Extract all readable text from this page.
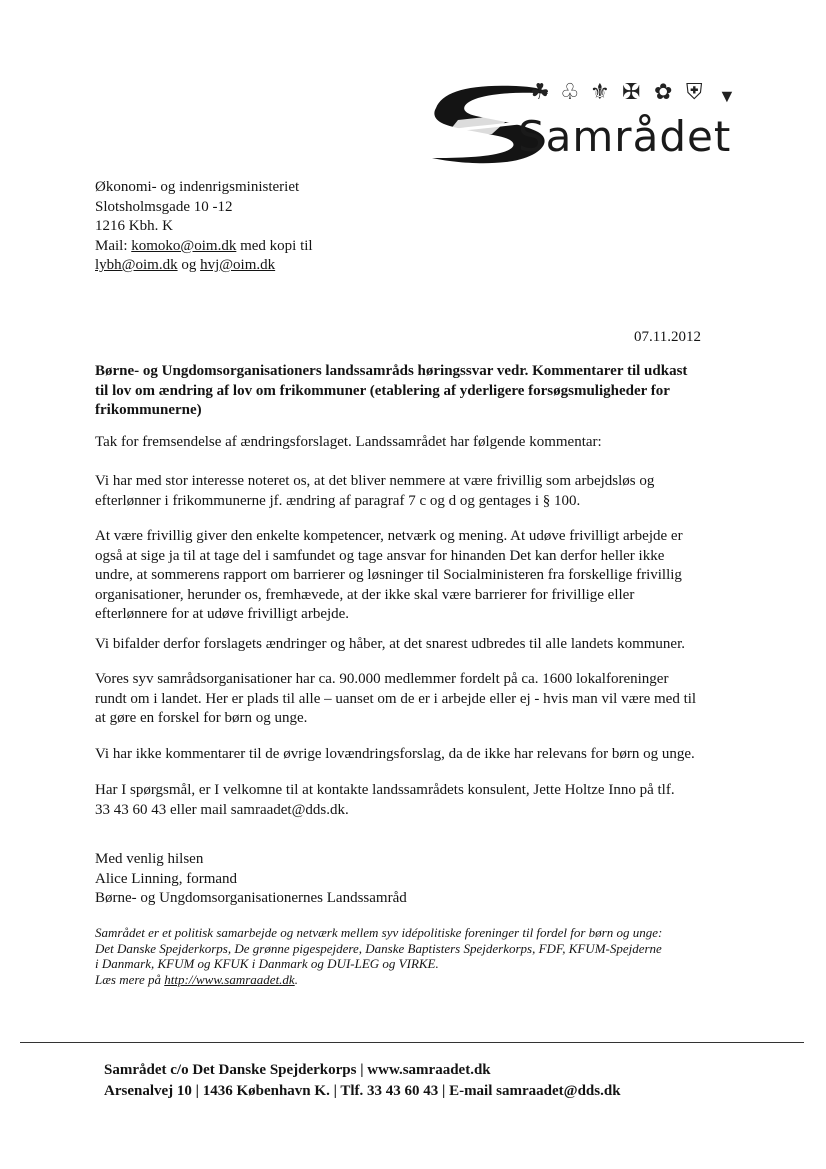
☘ ♧ ⚜ ✠ ✿ ⛨ ▼
Samrådet
Økonomi- og indenrigsministeriet
Slotsholmsgade 10 -12
1216 Kbh. K
Mail: komoko@oim.dk med kopi til
lybh@oim.dk og hvj@oim.dk
07.11.2012
Børne- og Ungdomsorganisationers landssamråds høringssvar vedr. Kommentarer til udkast
til lov om ændring af lov om frikommuner (etablering af yderligere forsøgsmuligheder for
frikommunerne)
Tak for fremsendelse af ændringsforslaget. Landssamrådet har følgende kommentar:
Vi har med stor interesse noteret os, at det bliver nemmere at være frivillig som arbejdsløs og
efterlønner i frikommunerne jf. ændring af paragraf 7 c og d og gentages i § 100.
At være frivillig giver den enkelte kompetencer, netværk og mening. At udøve frivilligt arbejde er
også at sige ja til at tage del i samfundet og tage ansvar for hinanden Det kan derfor heller ikke
undre, at sommerens rapport om barrierer og løsninger til Socialministeren fra forskellige frivillig
organisationer, herunder os, fremhævede, at der ikke skal være barrierer for frivillige eller
efterlønnere for at udøve frivilligt arbejde.
Vi bifalder derfor forslagets ændringer og håber, at det snarest udbredes til alle landets kommuner.
Vores syv samrådsorganisationer har ca. 90.000 medlemmer fordelt på ca. 1600 lokalforeninger
rundt om i landet. Her er plads til alle – uanset om de er i arbejde eller ej - hvis man vil være med til
at gøre en forskel for børn og unge.
Vi har ikke kommentarer til de øvrige lovændringsforslag, da de ikke har relevans for børn og unge.
Har I spørgsmål, er I velkomne til at kontakte landssamrådets konsulent, Jette Holtze Inno på tlf.
33 43 60 43 eller mail samraadet@dds.dk.
Med venlig hilsen
Alice Linning, formand
Børne- og Ungdomsorganisationernes Landssamråd
Samrådet er et politisk samarbejde og netværk mellem syv idépolitiske foreninger til fordel for børn og unge:
Det Danske Spejderkorps, De grønne pigespejdere, Danske Baptisters Spejderkorps, FDF, KFUM-Spejderne
i Danmark, KFUM og KFUK i Danmark og DUI-LEG og VIRKE.
Læs mere på http://www.samraadet.dk.
Samrådet c/o Det Danske Spejderkorps | www.samraadet.dk
Arsenalvej 10 | 1436 København K. | Tlf. 33 43 60 43 | E-mail samraadet@dds.dk
